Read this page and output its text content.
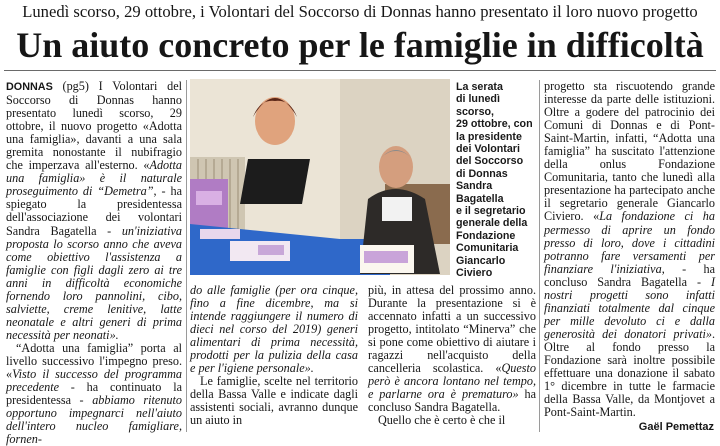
Lunedì scorso, 29 ottobre, i Volontari del Soccorso di Donnas hanno presentato il loro nuovo progetto
Un aiuto concreto per le famiglie in difficoltà

DONNAS (pg5) I Volontari del Soccorso di Donnas hanno presentato lunedì scorso, 29 ottobre, il nuovo progetto «Adotta una famiglia», davanti a una sala gremita nonostante il nubifragio che imperzava all'esterno. «Adotta una famiglia» è il naturale proseguimento di “Demetra”, - ha spiegato la presidentessa dell'associazione dei volontari Sandra Bagatella - un'iniziativa proposta lo scorso anno che aveva come obiettivo l'assistenza a famiglie con figli dagli zero ai tre anni in difficoltà economiche fornendo loro pannolini, cibo, salviette, creme lenitive, latte neonatale e altri generi di prima necessità per neonati».

“Adotta una famiglia” porta al livello successivo l'impegno preso. «Visto il successo del programma precedente - ha continuato la presidentessa - abbiamo ritenuto opportuno impegnarci nell'aiuto dell'intero nucleo famigliare, fornen-

La serata
di lunedì
scorso,
29 ottobre, con
la presidente
dei Volontari
del Soccorso
di Donnas
Sandra
Bagatella
e il segretario
generale della
Fondazione
Comunitaria
Giancarlo
Civiero

do alle famiglie (per ora cinque, fino a fine dicembre, ma si intende raggiungere il numero di dieci nel corso del 2019) generi alimentari di prima necessità, prodotti per la pulizia della casa e per l'igiene personale».

Le famiglie, scelte nel territorio della Bassa Valle e indicate dagli assistenti sociali, avranno dunque un aiuto in

più, in attesa del prossimo anno. Durante la presentazione si è accennato infatti a un successivo progetto, intitolato “Minerva” che si pone come obiettivo di aiutare i ragazzi nell'acquisto della cancelleria scolastica. «Questo però è ancora lontano nel tempo, e parlarne ora è prematuro» ha concluso Sandra Bagatella.

Quello che è certo è che il

progetto sta riscuotendo grande interesse da parte delle istituzioni. Oltre a godere del patrocinio dei Comuni di Donnas e di Pont-Saint-Martin, infatti, “Adotta una famiglia” ha suscitato l'attenzione della onlus Fondazione Comunitaria, tanto che lunedì alla presentazione ha partecipato anche il segretario generale Giancarlo Civiero. «La fondazione ci ha permesso di aprire un fondo presso di loro, dove i cittadini potranno fare versamenti per finanziare l'iniziativa, - ha concluso Sandra Bagatella - I nostri progetti sono infatti finanziati totalmente dal cinque per mille devoluto ci e dalla generosità dei donatori privati». Oltre al fondo presso la Fondazione sarà inoltre possibile effettuare una donazione il sabato 1° dicembre in tutte le farmacie della Bassa Valle, da Montjovet a Pont-Saint-Martin.

Gaël Pemettaz
